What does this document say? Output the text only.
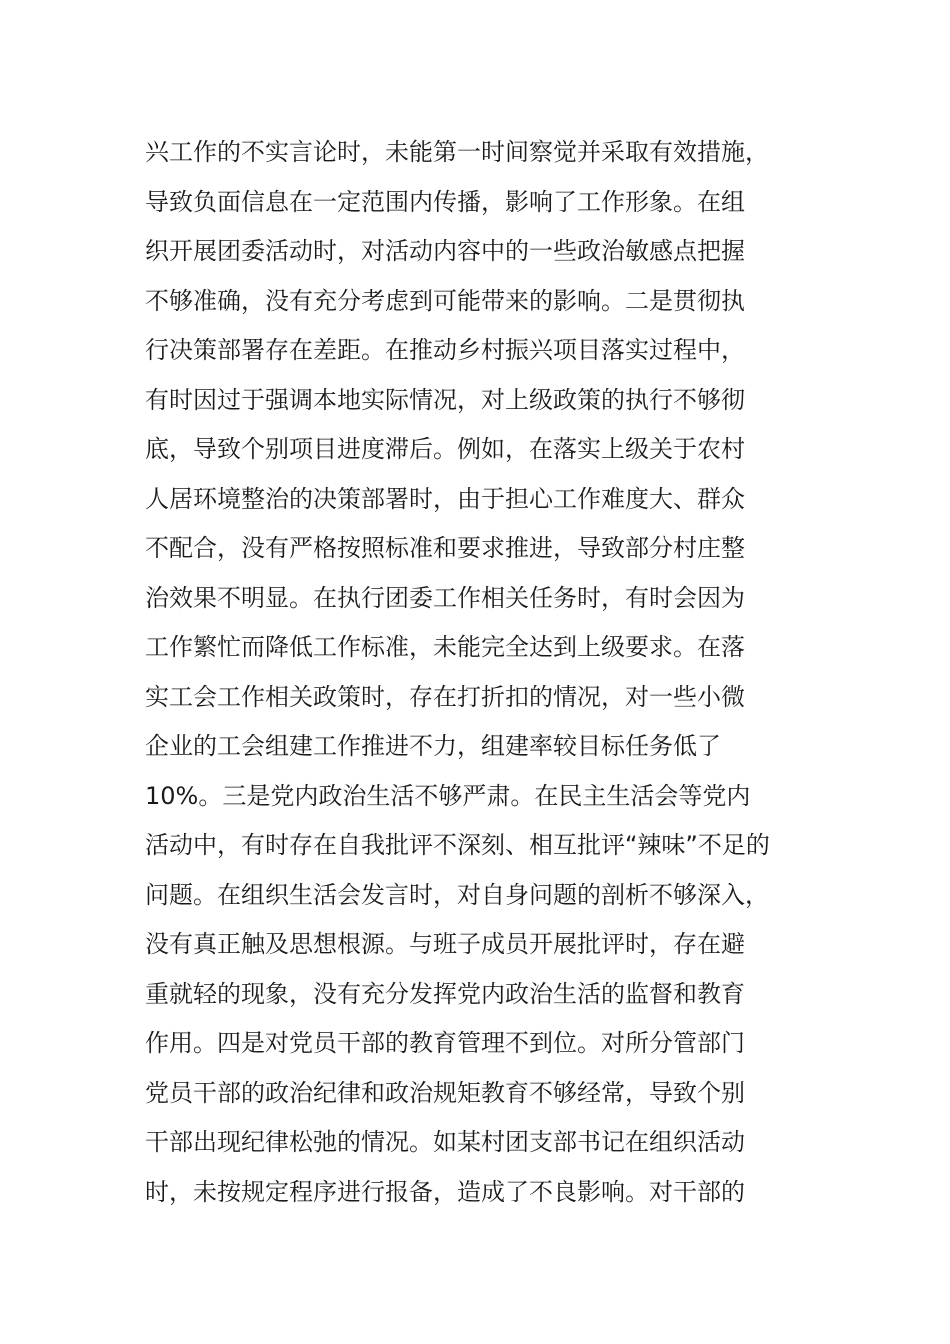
兴工作的不实言论时，未能第一时间察觉并采取有效措施，
导致负面信息在一定范围内传播，影响了工作形象。在组
织开展团委活动时，对活动内容中的一些政治敏感点把握
不够准确，没有充分考虑到可能带来的影响。二是贯彻执
行决策部署存在差距。在推动乡村振兴项目落实过程中，
有时因过于强调本地实际情况，对上级政策的执行不够彻
底，导致个别项目进度滞后。例如，在落实上级关于农村
人居环境整治的决策部署时，由于担心工作难度大、群众
不配合，没有严格按照标准和要求推进，导致部分村庄整
治效果不明显。在执行团委工作相关任务时，有时会因为
工作繁忙而降低工作标准，未能完全达到上级要求。在落
实工会工作相关政策时，存在打折扣的情况，对一些小微
企业的工会组建工作推进不力，组建率较目标任务低了
10%。三是党内政治生活不够严肃。在民主生活会等党内
活动中，有时存在自我批评不深刻、相互批评“辣味”不足的
问题。在组织生活会发言时，对自身问题的剖析不够深入，
没有真正触及思想根源。与班子成员开展批评时，存在避
重就轻的现象，没有充分发挥党内政治生活的监督和教育
作用。四是对党员干部的教育管理不到位。对所分管部门
党员干部的政治纪律和政治规矩教育不够经常，导致个别
干部出现纪律松弛的情况。如某村团支部书记在组织活动
时，未按规定程序进行报备，造成了不良影响。对干部的
